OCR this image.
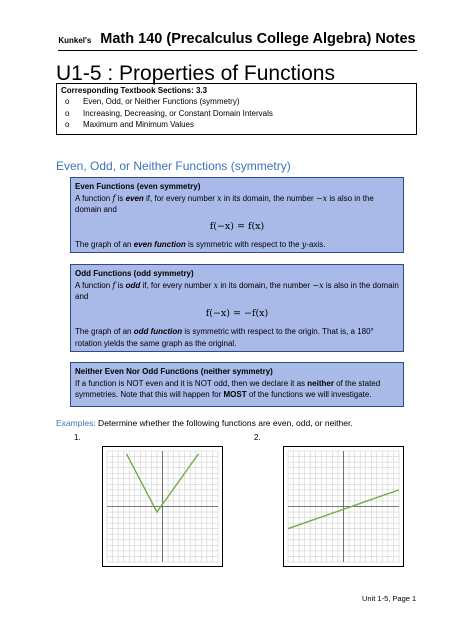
Kunkel's Math 140 (Precalculus College Algebra) Notes
U1-5 : Properties of Functions
Corresponding Textbook Sections: 3.3
o Even, Odd, or Neither Functions (symmetry)
o Increasing, Decreasing, or Constant Domain Intervals
o Maximum and Minimum Values
Even, Odd, or Neither Functions (symmetry)
Even Functions (even symmetry)
A function f is even if, for every number x in its domain, the number −x is also in the domain and
f(−x) = f(x)
The graph of an even function is symmetric with respect to the y-axis.
Odd Functions (odd symmetry)
A function f is odd if, for every number x in its domain, the number −x is also in the domain and
f(−x) = −f(x)
The graph of an odd function is symmetric with respect to the origin. That is, a 180° rotation yields the same graph as the original.
Neither Even Nor Odd Functions (neither symmetry)
If a function is NOT even and it is NOT odd, then we declare it as neither of the stated symmetries. Note that this will happen for MOST of the functions we will investigate.
Examples: Determine whether the following functions are even, odd, or neither.
1.	2.
Unit 1-5, Page 1
